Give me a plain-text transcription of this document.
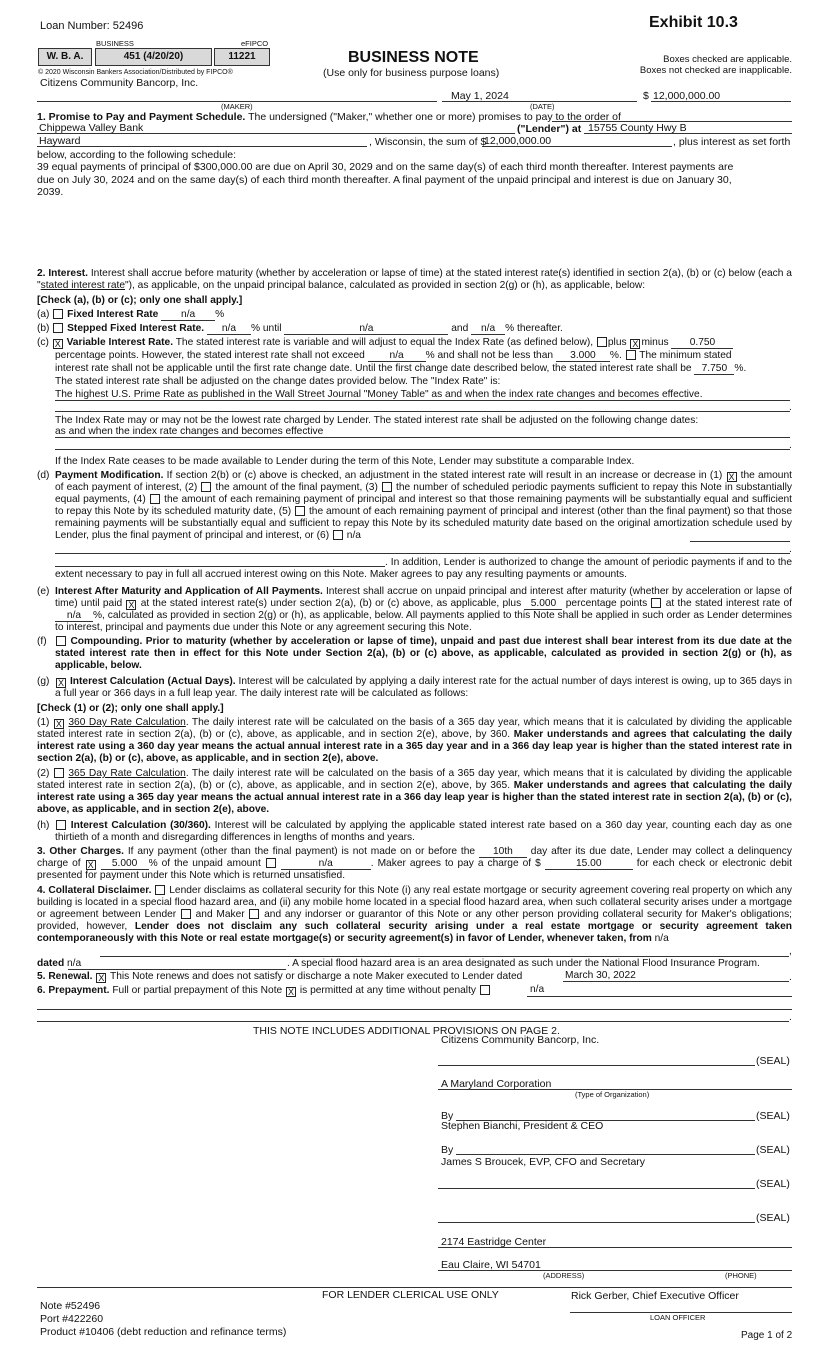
Loan Number: 52496	Exhibit 10.3
BUSINESS	eFIPCO
W. B. A.	451 (4/20/20)	11221
© 2020 Wisconsin Bankers Association/Distributed by FIPCO®
BUSINESS NOTE
(Use only for business purpose loans)
Boxes checked are applicable.
Boxes not checked are inapplicable.
Citizens Community Bancorp, Inc.
May 1, 2024	$ 12,000,000.00
(MAKER)	(DATE)
1. Promise to Pay and Payment Schedule. The undersigned ("Maker," whether one or more) promises to pay to the order of
Chippewa Valley Bank	("Lender") at 15755 County Hwy B
Hayward	, Wisconsin, the sum of $
12,000,000.00	, plus interest as set forth
below, according to the following schedule:
39 equal payments of principal of $300,000.00 are due on April 30, 2029 and on the same day(s) of each third month thereafter. Interest payments are due on July 30, 2024 and on the same day(s) of each third month thereafter. A final payment of the unpaid principal and interest is due on January 30, 2039.
2. Interest. Interest shall accrue before maturity (whether by acceleration or lapse of time) at the stated interest rate(s) identified in section 2(a), (b) or (c) below (each a "stated interest rate"), as applicable, on the unpaid principal balance, calculated as provided in section 2(g) or (h), as applicable, below:
[Check (a), (b) or (c); only one shall apply.]
(a) Fixed Interest Rate n/a %
(b) Stepped Fixed Interest Rate. n/a % until	n/a	and n/a % thereafter.
(c) X Variable Interest Rate. The stated interest rate is variable and will adjust to equal the Index Rate (as defined below), plus X minus 0.750
percentage points. However, the stated interest rate shall not exceed n/a % and shall not be less than 3.000 %. The minimum stated
interest rate shall not be applicable until the first rate change date. Until the first change date described below, the stated interest rate shall be 7.750 %.
The stated interest rate shall be adjusted on the change dates provided below. The "Index Rate" is:
The highest U.S. Prime Rate as published in the Wall Street Journal "Money Table" as and when the index rate changes and becomes effective.
.
The Index Rate may or may not be the lowest rate charged by Lender. The stated interest rate shall be adjusted on the following change dates:
as and when the index rate changes and becomes effective
.
If the Index Rate ceases to be made available to Lender during the term of this Note, Lender may substitute a comparable Index.
(d) Payment Modification. If section 2(b) or (c) above is checked, an adjustment in the stated interest rate will result in an increase or decrease in (1) X the amount of each payment of interest, (2) the amount of the final payment, (3) the number of scheduled periodic payments sufficient to repay this Note in substantially equal payments, (4) the amount of each remaining payment of principal and interest so that those remaining payments will be substantially equal and sufficient to repay this Note by its scheduled maturity date, (5) the amount of each remaining payment of principal and interest (other than the final payment) so that those remaining payments will be substantially equal and sufficient to repay this Note by its scheduled maturity date based on the original amortization schedule used by Lender, plus the final payment of principal and interest, or (6) n/a
.
. In addition, Lender is authorized to change the amount of periodic payments if and to the extent necessary to pay in full all accrued interest owing on this Note. Maker agrees to pay any resulting payments or amounts.
(e) Interest After Maturity and Application of All Payments. Interest shall accrue on unpaid principal and interest after maturity (whether by acceleration or lapse of time) until paid X at the stated interest rate(s) under section 2(a), (b) or (c) above, as applicable, plus 5.000 percentage points at the stated interest rate of n/a %, calculated as provided in section 2(g) or (h), as applicable, below. All payments applied to this Note shall be applied in such order as Lender determines to interest, principal and payments due under this Note or any agreement securing this Note.
(f)	Compounding. Prior to maturity (whether by acceleration or lapse of time), unpaid and past due interest shall bear interest from its due date at the stated interest rate then in effect for this Note under Section 2(a), (b) or (c) above, as applicable, calculated as provided in section 2(g) or (h), as applicable, below.
(g) X Interest Calculation (Actual Days). Interest will be calculated by applying a daily interest rate for the actual number of days interest is owing, up to 365 days in a full year or 366 days in a full leap year. The daily interest rate will be calculated as follows:
[Check (1) or (2); only one shall apply.]
(1) X 360 Day Rate Calculation. The daily interest rate will be calculated on the basis of a 365 day year, which means that it is calculated by dividing the applicable stated interest rate in section 2(a), (b) or (c), above, as applicable, and in section 2(e), above, by 360. Maker understands and agrees that calculating the daily interest rate using a 360 day year means the actual annual interest rate in a 365 day year and in a 366 day leap year is higher than the stated interest rate in section 2(a), (b) or (c), above, as applicable, and in section 2(e), above.
(2) 365 Day Rate Calculation. The daily interest rate will be calculated on the basis of a 365 day year, which means that it is calculated by dividing the applicable stated interest rate in section 2(a), (b) or (c), above, as applicable, and in section 2(e), above, by 365. Maker understands and agrees that calculating the daily interest rate using a 365 day year means the actual annual interest rate in a 366 day leap year is higher than the stated interest rate in section 2(a), (b) or (c), above, as applicable, and in section 2(e), above.
(h)	Interest Calculation (30/360). Interest will be calculated by applying the applicable stated interest rate based on a 360 day year, counting each day as one thirtieth of a month and disregarding differences in lengths of months and years.
3. Other Charges. If any payment (other than the final payment) is not made on or before the 10th day after its due date, Lender may collect a delinquency charge of X 5.000 % of the unpaid amount	n/a	. Maker agrees to pay a charge of $	15.00	for each check or electronic debit presented for payment under this Note which is returned unsatisfied.
4. Collateral Disclaimer. Lender disclaims as collateral security for this Note (i) any real estate mortgage or security agreement covering real property on which any building is located in a special flood hazard area, and (ii) any mobile home located in a special flood hazard area, when such collateral security arises under a mortgage or agreement between Lender and Maker and any indorser or guarantor of this Note or any other person providing collateral security for Maker's obligations; provided, however, Lender does not disclaim any such collateral security arising under a real estate mortgage or security agreement taken contemporaneously with this Note or real estate mortgage(s) or security agreement(s) in favor of Lender, whenever taken, from n/a
,
dated n/a	. A special flood hazard area is an area designated as such under the National Flood Insurance Program.
5. Renewal. X This Note renews and does not satisfy or discharge a note Maker executed to Lender dated	March 30, 2022	.
6. Prepayment. Full or partial prepayment of this Note X is permitted at any time without penalty	n/a
.
THIS NOTE INCLUDES ADDITIONAL PROVISIONS ON PAGE 2.
Citizens Community Bancorp, Inc.
(SEAL)
A Maryland Corporation
(Type of Organization)
By	(SEAL)
Stephen Bianchi, President & CEO
By	(SEAL)
James S Broucek, EVP, CFO and Secretary
(SEAL)
(SEAL)
2174 Eastridge Center
Eau Claire, WI 54701
(ADDRESS)	(PHONE)
FOR LENDER CLERICAL USE ONLY	Rick Gerber, Chief Executive Officer
LOAN OFFICER
Note #52496
Port #422260
Product #10406 (debt reduction and refinance terms)	Page 1 of 2
